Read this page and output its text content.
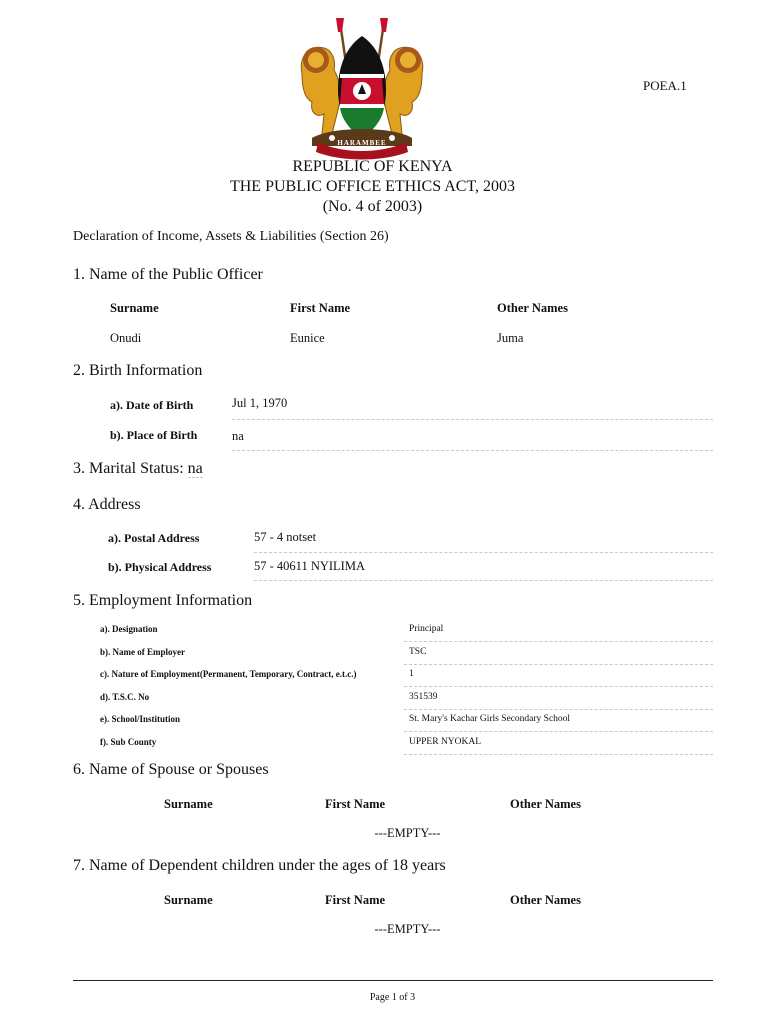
HARAMBEE
POEA.1
REPUBLIC OF KENYA
THE PUBLIC OFFICE ETHICS ACT, 2003
(No. 4 of 2003)
Declaration of Income, Assets & Liabilities (Section 26)
1. Name of the Public Officer
Surname	First Name	Other Names
Onudi	Eunice	Juma
2. Birth Information
a). Date of Birth	Jul 1, 1970
b). Place of Birth	na
3. Marital Status: na
4. Address
a). Postal Address	57 - 4 notset
b). Physical Address	57 - 40611 NYILIMA
5. Employment Information
a). Designation	Principal
b). Name of Employer	TSC
c). Nature of Employment(Permanent, Temporary, Contract, e.t.c.)	1
d). T.S.C. No	351539
e). School/Institution	St. Mary's Kachar Girls Secondary School
f). Sub County	UPPER NYOKAL
6. Name of Spouse or Spouses
Surname	First Name	Other Names
---EMPTY---
7. Name of Dependent children under the ages of 18 years
Surname	First Name	Other Names
---EMPTY---
Page 1 of 3
